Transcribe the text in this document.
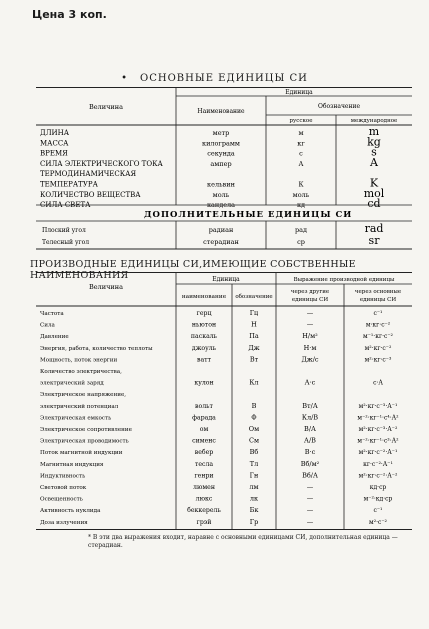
Цена 3 коп.
• ОСНОВНЫЕ ЕДИНИЦЫ СИ
Величина
Единица
Наименование
Обозначение
русское	международное
ДЛИНА	метр	м	m
МАССА	килограмм	кг	kg
ВРЕМЯ	секунда	с	s
СИЛА ЭЛЕКТРИЧЕСКОГО ТОКА	ампер	А	A
ТЕРМОДИНАМИЧЕСКАЯ
ТЕМПЕРАТУРА	кельвин	К	K
КОЛИЧЕСТВО ВЕЩЕСТВА	моль	моль	mol
СИЛА СВЕТА	кандела	кд	cd
ДОПОЛНИТЕЛЬНЫЕ ЕДИНИЦЫ СИ
Плоский угол	радиан	рад	rad
Телесный угол	стерадиан	ср	sr
ПРОИЗВОДНЫЕ ЕДИНИЦЫ СИ,ИМЕЮЩИЕ СОБСТВЕННЫЕ НАИМЕНОВАНИЯ
Величина
Единица	Выражение производной единицы
наименование обозначение
через другие
единицы СИ
через основные
единицы СИ
Частота	герц	Гц	—	с⁻¹
Сила	ньютон	Н	—	м·кг·с⁻²
Давление	паскаль	Па	Н/м²	м⁻¹·кг·с⁻²
Энергия, работа, количество теплоты	джоуль	Дж	Н·м	м²·кг·с⁻²
Мощность, поток энергии	ватт	Вт	Дж/с	м²·кг·с⁻³
Количество электричества,
электрический заряд	кулон	Кл	А·с	с·А
Электрическое напряжение,
электрический потенциал	вольт	В	Вт/А	м²·кг·с⁻³·А⁻¹
Электрическая емкость	фарада	Ф	Кл/В	м⁻²·кг⁻¹·с⁴·А²
Электрическое сопротивление	ом	Ом	В/А	м²·кг·с⁻³·А⁻²
Электрическая проводимость	сименс	См	А/В	м⁻²·кг⁻¹·с³·А²
Поток магнитной индукции	вебер	Вб	В·с	м²·кг·с⁻²·А⁻¹
Магнитная индукция	тесла	Тл	Вб/м²	кг·с⁻²·А⁻¹
Индуктивность	генри	Гн	Вб/А	м²·кг·с⁻²·А⁻²
Световой поток	люмен	лм	—	кд·ср
Освещенность	люкс	лк	—	м⁻²·кд·ср
Активность нуклида	беккерель	Бк	—	с⁻¹
Доза излучения	грэй	Гр	—	м²·с⁻²
* В эти два выражения входит, наравне с основными единицами СИ, дополнительная единица — стерадиан.
